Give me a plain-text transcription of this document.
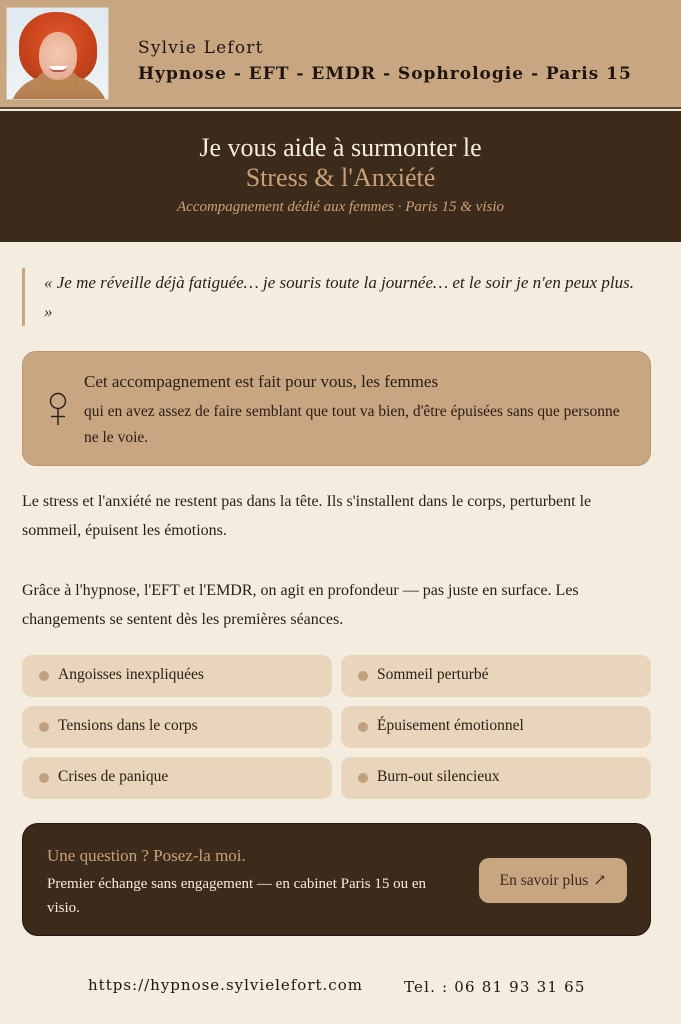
Sylvie Lefort
Hypnose - EFT - EMDR - Sophrologie - Paris 15
Je vous aide à surmonter le
Stress & l'Anxiété
Accompagnement dédié aux femmes · Paris 15 & visio
« Je me réveille déjà fatiguée… je souris toute la journée… et le soir je n'en peux plus. »
Cet accompagnement est fait pour vous, les femmes
qui en avez assez de faire semblant que tout va bien, d'être épuisées sans que personne ne le voie.

Le stress et l'anxiété ne restent pas dans la tête. Ils s'installent dans le corps, perturbent le sommeil, épuisent les émotions.

Grâce à l'hypnose, l'EFT et l'EMDR, on agit en profondeur — pas juste en surface. Les changements se sentent dès les premières séances.

Angoisses inexpliquées	Sommeil perturbé
Tensions dans le corps	Épuisement émotionnel
Crises de panique	Burn-out silencieux
Une question ? Posez-la moi.
Premier échange sans engagement — en cabinet Paris 15 ou en visio.
En savoir plus ↗
https://hypnose.sylvielefort.com	Tel. : 06 81 93 31 65
